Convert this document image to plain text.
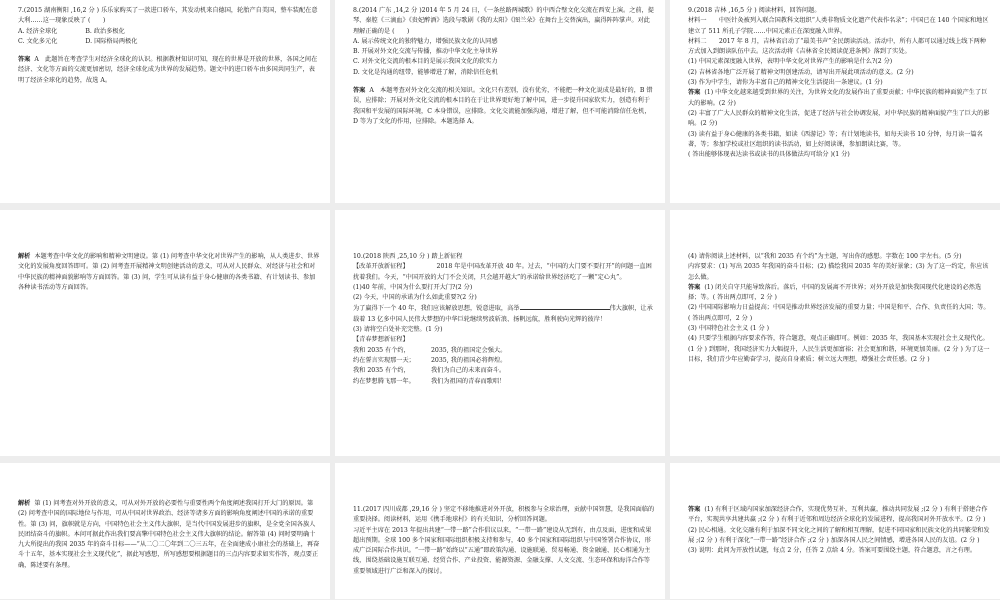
7.(2015 湖南衡阳 ,16,2 分 ) 乐乐家购买了一款进口轿车，其发动机来自德国，轮胎产自美国，整车装配在意大利……这一现象反映了 (　　)

A. 经济全球化	B. 政治多极化
C. 文化多元化	D. 国际格局两极化

答案 A　此题旨在考查学生对经济全球化的认识。根据教材知识可知，现在的世界是开放的世界，各国之间在经济、文化等方面的交流更加密切，经济全球化成为世界的发展趋势。题文中的进口轿车由多国共同生产，表明了经济全球化的趋势，故选 A。

8.(2014 广东 ,14,2 分 )2014 年 5 月 24 日，《一条丝路两城歌》的中西合璧文化交流在西安上演。之前，提琴、秦腔《三滴血》《贵妃醉酒》选段与歌剧《我的太阳》《图兰朵》在舞台上交替演出，赢得阵阵掌声。对此理解正确的是 (　　)

A. 展示传统文化的独特魅力，增强民族文化的认同感

B. 开展对外文化交流与传播，推动中华文化主导世界

C. 对外文化交流的根本目的是展示我国文化的软实力

D. 文化是沟通的纽带，能够增进了解，消除信任危机

答案 A　本题考查对外文化交流的相关知识。文化只有差别，没有优劣，不能把一种文化说成是最好的，B 错误，应排除；开展对外文化交流的根本目的在于让世界更好地了解中国，进一步提升国家软实力，创造有利于我国和平发展的国际环境，C 本身错误，应排除。文化交流能加强沟通，增进了解，但不可能消除信任危机，D 等为了文化的作用，应排除。本题选择 A。

9.(2018 吉林 ,16,5 分 ) 阅读材料，回答问题。

材料一　　中医针灸被列入联合国教科文组织“人类非物质文化遗产代表作名录”；中国已在 140 个国家和地区建立了 511 所孔子学院……中国元素正在深度融入世界。

材料二　　2017 年 8 月，吉林省启动了“最美书声”全民朗读活动。活动中，所有人都可以通过线上线下两种方式加入到朗读队伍中去。这次活动将《吉林省全民阅读促进条例》落到了实处。

(1) 中国元素深度融入世界，表明中华文化对世界产生的影响是什么?(2 分)

(2) 吉林省各地广泛开展了精神文明创建活动，请写出开展此项活动的意义。(2 分)

(3) 作为中学生，请你为丰富自己的精神文化生活提出一条建议。(1 分)

答案 (1) 中华文化越来越受到世界的关注，为世界文化的发展作出了重要贡献；中华民族的精神面貌产生了巨大的影响。(2 分)

(2) 丰富了广大人民群众的精神文化生活，促进了经济与社会协调发展，对中华民族的精神面貌产生了巨大的影响。(2 分)

(3) 读有益于身心健康的各类书籍，如读《西游记》等；有计划地读书，如每天读书 10 分钟，每月读一篇名著，等；参加学校或社区组织的读书活动，如上好阅读课，参加朗读比赛，等。

( 答出能够体现表达读书或读书的具体做法均可给分 )(1 分)

解析 本题考查中华文化的影响和精神文明建设。第 (1) 问考查中华文化对世界产生的影响，从人类进步、世界文化的发展角度回答即可。第 (2) 问考查开展精神文明创建活动的意义，可从对人民群众、对经济与社会和对中华民族的精神面貌影响等方面回答。第 (3) 问，学生可从读有益于身心健康的各类书籍、有计划读书、参加各种读书活动等方面回答。

10.(2018 陕西 ,25,10 分 ) 踏上新征程

【改革开放新征程】　　　　　2018 年是中国改革开放 40 年。过去，“中国的大门要不要打开”的问题一直困扰着我们。今天，“中国开放的大门不会关闭，只会越开越大”的承诺给世界经济吃了一颗“定心丸”。

(1)40 年前，中国为什么要打开大门?(2 分)

(2) 今天，中国的承诺为什么如此重要?(2 分)

为了赢得下一个 40 年，我们应该解放思想，锐意进取，高举	伟大旗帜，让承载着 13 亿多中国人民伟大梦想的中华巨轮继续劈波斩浪、扬帆远航，胜利驶向光辉的彼岸！

(3) 请将空白处补充完整。(1 分)

【青春梦想新征程】

我和 2035 有个约，	2035, 我的祖国定会强大。
约在誓言实现那一天；	2035, 我的祖国必将辉煌。
我和 2035 有个约，	我们为自己的未来而奋斗。
约在梦想腾飞那一年。	我们为祖国的青春而歌唱！

(4) 请你阅读上述材料，以“我和 2035 有个约”为主题，写出你的感想。字数在 100 字左右。(5 分)

内容要求：(1) 写出 2035 年我国的奋斗目标；(2) 描绘我国 2035 年的美好景象；(3) 为了这一约定，你应该怎么做。

答案 (1) 闭关自守只能导致落后。落后，中国的发展离不开世界；对外开放是加快我国现代化建设的必然选择；等。( 答出两点即可，2 分 )

(2) 中国国际影响力日益提高；中国是推动世界经济发展的重要力量；中国是和平、合作、负责任的大国；等。( 答出两点即可，2 分 )

(3) 中国特色社会主义 (1 分 )

(4) 只要学生根据内容要求作答，符合题意，观点正确即可。例如：2035 年，我国基本实现社会主义现代化。(1 分 ) 到那时，我国经济实力大幅提升，人民生活更加富裕；社会更加和谐，环境更加美丽。(2 分 ) 为了这一目标，我们青少年应勤奋学习，提高自身素质；树立远大理想，增强社会责任感。(2 分 )

解析 第 (1) 问考查对外开放的意义，可从对外开放的必要性与重要性两个角度阐述我国打开大门的原因。第 (2) 问考查中国的国际地位与作用，可从中国对世界政治、经济等诸多方面的影响角度阐述中国的承诺的重要性。第 (3) 问，旗帜就是方向，中国特色社会主义伟大旗帜，是当代中国发展进步的旗帜，是全党全国各族人民团结奋斗的旗帜。本问可据此作出我们要高擎中国特色社会主义伟大旗帜的结论。解答第 (4) 问时要明确十九大所提出的我国 2035 年的奋斗目标——“从二〇二〇年到二〇三五年，在全面建成小康社会的基础上，再奋斗十五年，基本实现社会主义现代化”，据此写感想，所写感想要根据题目的三点内容要求如实作答，观点要正确，陈述要有条理。

11.(2017 四川成都 ,29,16 分 ) 坚定不移地推进对外开放，积极参与全球治理，贡献中国智慧，是我国面临的重要抉择。阅读材料，运用《携手地球村》的有关知识，分析回答问题。

习近平主席在 2013 年提出共建“一带一路”合作倡议以来，“一带一路”建设从无到有，由点及面，进度和成果超出预期。全球 100 多个国家和国际组织积极支持和参与，40 多个国家和国际组织与中国签署合作协议，形成广泛国际合作共识。“一带一路”始终以“五通”即政策沟通、设施联通、贸易畅通、资金融通、民心相通为主线，围绕基础设施互联互通、经贸合作、产业投资、能源资源、金融支撑、人文交流、生态环保和海洋合作等重要领域进行广泛和深入的探讨。

答案 (1) 有利于区域内国家加深经济合作，实现优势互补，互利共赢，推动共同发展 ;(2 分 ) 有利于搭建合作平台，实现共享共建共赢 ;(2 分 ) 有利于近邻和周边经济全球化的发展进程，提高我国对外开放水平。(2 分 )

(2) 民心相通。文化交融有利于加深不同文化之间的了解和相互理解，促进不同国家和民族文化的共同繁荣和发展 ;(2 分 ) 有利于深化“一带一路”经济合作 ;(2 分 ) 加深各国人民之间情感，增进各国人民的友谊。(2 分 )

(3) 说明：此问为开放性试题，每点 2 分，任答 2 点给 4 分。答案可要围绕主题，符合题意，言之有理。
